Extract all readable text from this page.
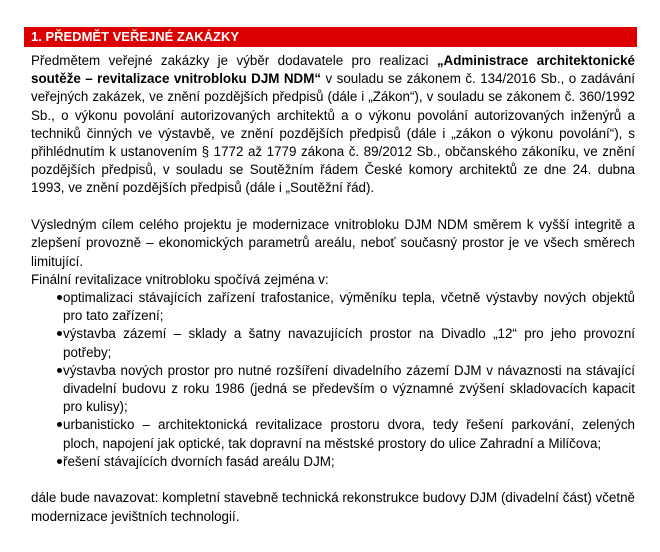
1. PŘEDMĚT VEŘEJNÉ ZAKÁZKY

Předmětem veřejné zakázky je výběr dodavatele pro realizaci „Administrace architektonické soutěže – revitalizace vnitrobloku DJM NDM“ v souladu se zákonem č. 134/2016 Sb., o zadávání veřejných zakázek, ve znění pozdějších předpisů (dále i „Zákon“), v souladu se zákonem č. 360/1992 Sb., o výkonu povolání autorizovaných architektů a o výkonu povolání autorizovaných inženýrů a techniků činných ve výstavbě, ve znění pozdějších předpisů (dále i „zákon o výkonu povolání“), s přihlédnutím k ustanovením § 1772 až 1779 zákona č. 89/2012 Sb., občanského zákoníku, ve znění pozdějších předpisů, v souladu se Soutěžním řádem České komory architektů ze dne 24. dubna 1993, ve znění pozdějších předpisů (dále i „Soutěžní řád).

Výsledným cílem celého projektu je modernizace vnitrobloku DJM NDM směrem k vyšší integritě a zlepšení provozně – ekonomických parametrů areálu, neboť současný prostor je ve všech směrech limitující.

Finální revitalizace vnitrobloku spočívá zejména v:

optimalizaci stávajících zařízení trafostanice, výměníku tepla, včetně výstavby nových objektů pro tato zařízení;
výstavba zázemí – sklady a šatny navazujících prostor na Divadlo „12“ pro jeho provozní potřeby;
výstavba nových prostor pro nutné rozšíření divadelního zázemí DJM v návaznosti na stávající divadelní budovu z roku 1986 (jedná se především o významné zvýšení skladovacích kapacit pro kulisy);
urbanisticko – architektonická revitalizace prostoru dvora, tedy řešení parkování, zelených ploch, napojení jak optické, tak dopravní na městské prostory do ulice Zahradní a Milíčova;
řešení stávajících dvorních fasád areálu DJM;

dále bude navazovat: kompletní stavebně technická rekonstrukce budovy DJM (divadelní část) včetně modernizace jevištních technologií.
